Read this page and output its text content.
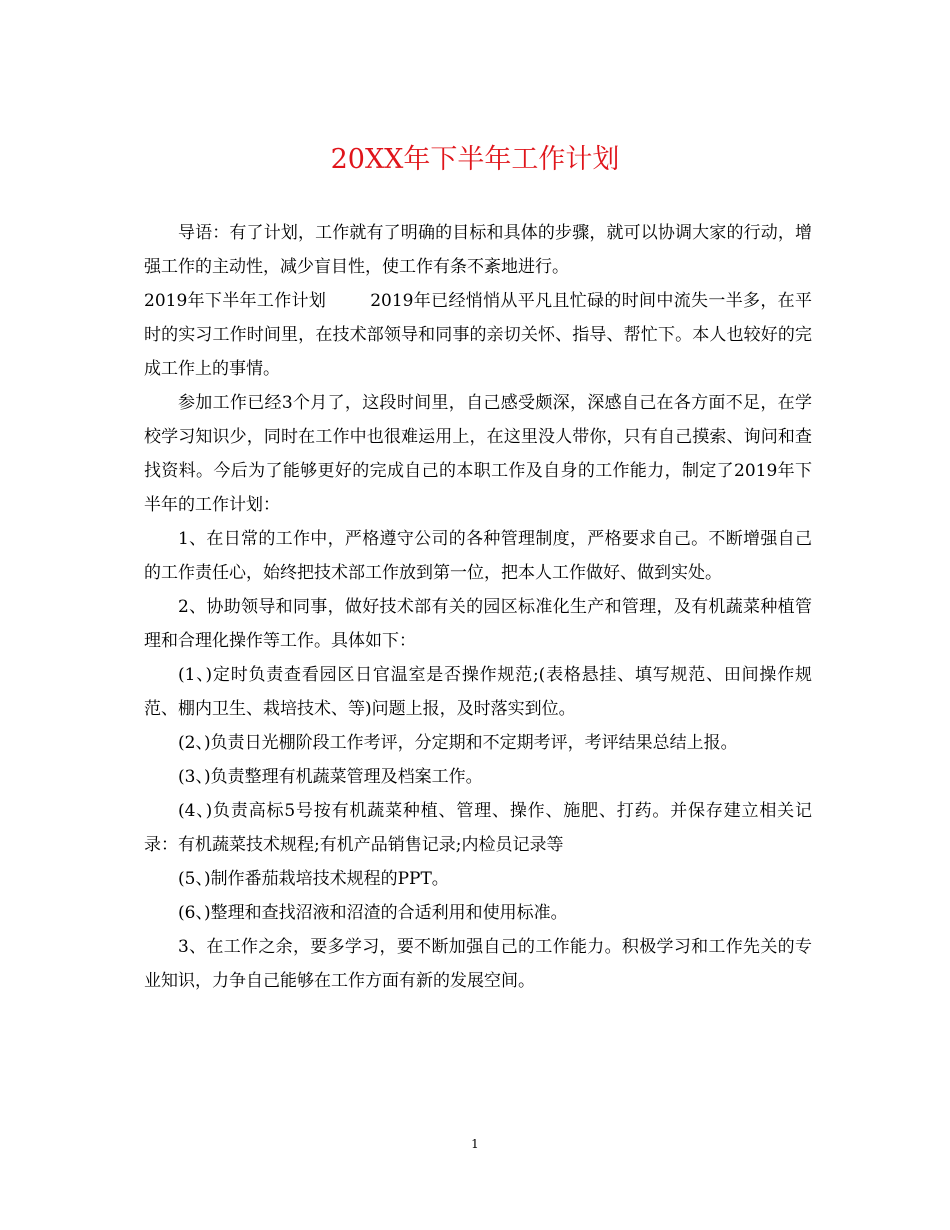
20XX年下半年工作计划

导语：有了计划，工作就有了明确的目标和具体的步骤，就可以协调大家的行动，增强工作的主动性，减少盲目性，使工作有条不紊地进行。

2019年下半年工作计划	2019年已经悄悄从平凡且忙碌的时间中流失一半多，在平时的实习工作时间里，在技术部领导和同事的亲切关怀、指导、帮忙下。本人也较好的完成工作上的事情。

参加工作已经3个月了，这段时间里，自己感受颇深，深感自己在各方面不足，在学校学习知识少，同时在工作中也很难运用上，在这里没人带你，只有自己摸索、询问和查找资料。今后为了能够更好的完成自己的本职工作及自身的工作能力，制定了2019年下半年的工作计划：

1、在日常的工作中，严格遵守公司的各种管理制度，严格要求自己。不断增强自己的工作责任心，始终把技术部工作放到第一位，把本人工作做好、做到实处。

2、协助领导和同事，做好技术部有关的园区标准化生产和管理，及有机蔬菜种植管理和合理化操作等工作。具体如下：

(1、)定时负责查看园区日官温室是否操作规范;(表格悬挂、填写规范、田间操作规范、棚内卫生、栽培技术、等)问题上报，及时落实到位。

(2、)负责日光棚阶段工作考评，分定期和不定期考评，考评结果总结上报。

(3、)负责整理有机蔬菜管理及档案工作。

(4、)负责高标5号按有机蔬菜种植、管理、操作、施肥、打药。并保存建立相关记录：有机蔬菜技术规程;有机产品销售记录;内检员记录等

(5、)制作番茄栽培技术规程的PPT。

(6、)整理和查找沼液和沼渣的合适利用和使用标准。

3、在工作之余，要多学习，要不断加强自己的工作能力。积极学习和工作先关的专业知识，力争自己能够在工作方面有新的发展空间。

1
